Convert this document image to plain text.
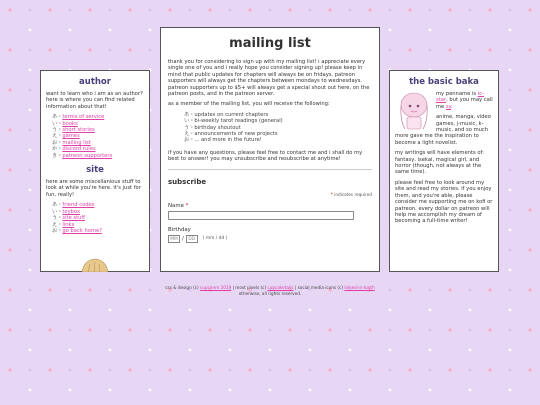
author

want to learn who i am as an author? here is where you can find related information about that!

あ・terms of service
い・books
う・short stories
え・games
お・mailing list
か・discord rules
き・patreon supporters
site

here are some miscellanious stuff to look at while you're here. it's just for fun, really!

あ・friend codes
い・toybox
う・site stuff
え・links
お・go back home?
mailing list

thank you for considering to sign up with my mailing list! i appreciate every single one of you and i really hope you consider signing up! please keep in mind that public updates for chapters will always be on fridays. patreon supporters will always get the chapters between mondays to wednesdays. patreon supporters up to $5+ will always get a special shout out here, on the patreon posts, and in the patreon server.

as a member of the mailing list, you will receive the following:

あ・updates on current chapters
い・bi-weekly tarot readings (general)
う・birthday shoutout
え・announcements of new projects
お・... and more in the future!

if you have any questions, please feel free to contact me and i shall do my best to answer! you may unsubscribe and resubscribe at anytime!

subscribe
* indicates required
Name *
Birthday
MM /	DD	( mm / dd )
the basic baka

my penname is ic-star, but you may call me sy.

anime, manga, video games, j-music, k-music, and so much more gave me the inspiration to become a light novelist.

my writings will have elements of: fantasy, isekai, magical girl, and horror (though, not always at the same time).

please feel free to look around my site and read my stories. if you enjoy them, and you're able, please consider me supporting me on kofi or patreon. every dollar on patreon will help me accomplish my dream of becoming a full-time writer!

css & design (c) cupcenm 2019 | most pixels (c) cupcaketails | social media icons (c) linked-in-tooth
otherwise, all rights reserved.
